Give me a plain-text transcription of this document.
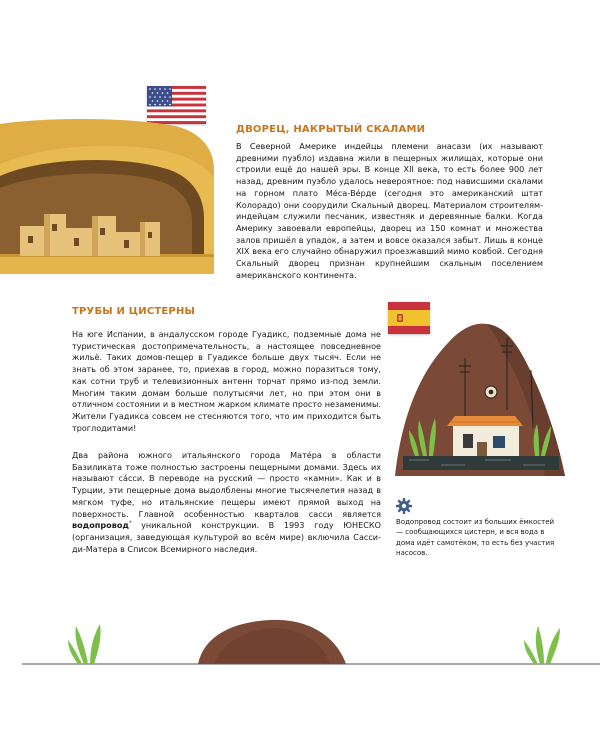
ДВОРЕЦ, НАКРЫТЫЙ СКАЛАМИ

В Северной Америке индейцы племени анасази (их называют древними пуэбло) издавна жили в пещерных жилищах, которые они строили ещё до нашей эры. В конце XII века, то есть более 900 лет назад, древним пуэбло удалось невероятное: под нависшими скалами на горном плато Мéса-Вéрде (сегодня это американский штат Колорадо) они соорудили Скальный дворец. Материалом строителям-индейцам служили песчаник, известняк и деревянные балки. Когда Америку завоевали европейцы, дворец из 150 комнат и множества залов пришёл в упадок, а затем и вовсе оказался забыт. Лишь в конце XIX века его случайно обнаружил проезжавший мимо ковбой. Сегодня Скальный дворец признан крупнейшим скальным поселением американского континента.

ТРУБЫ И ЦИСТЕРНЫ

На юге Испании, в андалусском городе Гуадикс, подземные дома не туристическая достопримечательность, а настоящее повседневное жильё. Таких домов-пещер в Гуадиксе больше двух тысяч. Если не знать об этом заранее, то, приехав в город, можно поразиться тому, как сотни труб и телевизионных антенн торчат прямо из-под земли. Многим таким домам больше полутысячи лет, но при этом они в отличном состоянии и в местном жарком климате просто незаменимы. Жители Гуадикса совсем не стесняются того, что им приходится быть троглодитами!

Два района южного итальянского города Матéра в области Базиликата тоже полностью застроены пещерными домами. Здесь их называют сáсси. В переводе на русский — просто «камни». Как и в Турции, эти пещерные дома выдолблены многие тысячелетия назад в мягком туфе, но итальянские пещеры имеют прямой выход на поверхность. Главной особенностью кварталов сасси является водопровод* уникальной конструкции. В 1993 году ЮНЕСКО (организация, заведующая культурой во всём мире) включила Сасси-ди-Матера в Список Всемирного наследия.

Водопровод состоит из больших ёмкостей — сообщающихся цистерн, и вся вода в дома идёт самотёком, то есть без участия насосов.
